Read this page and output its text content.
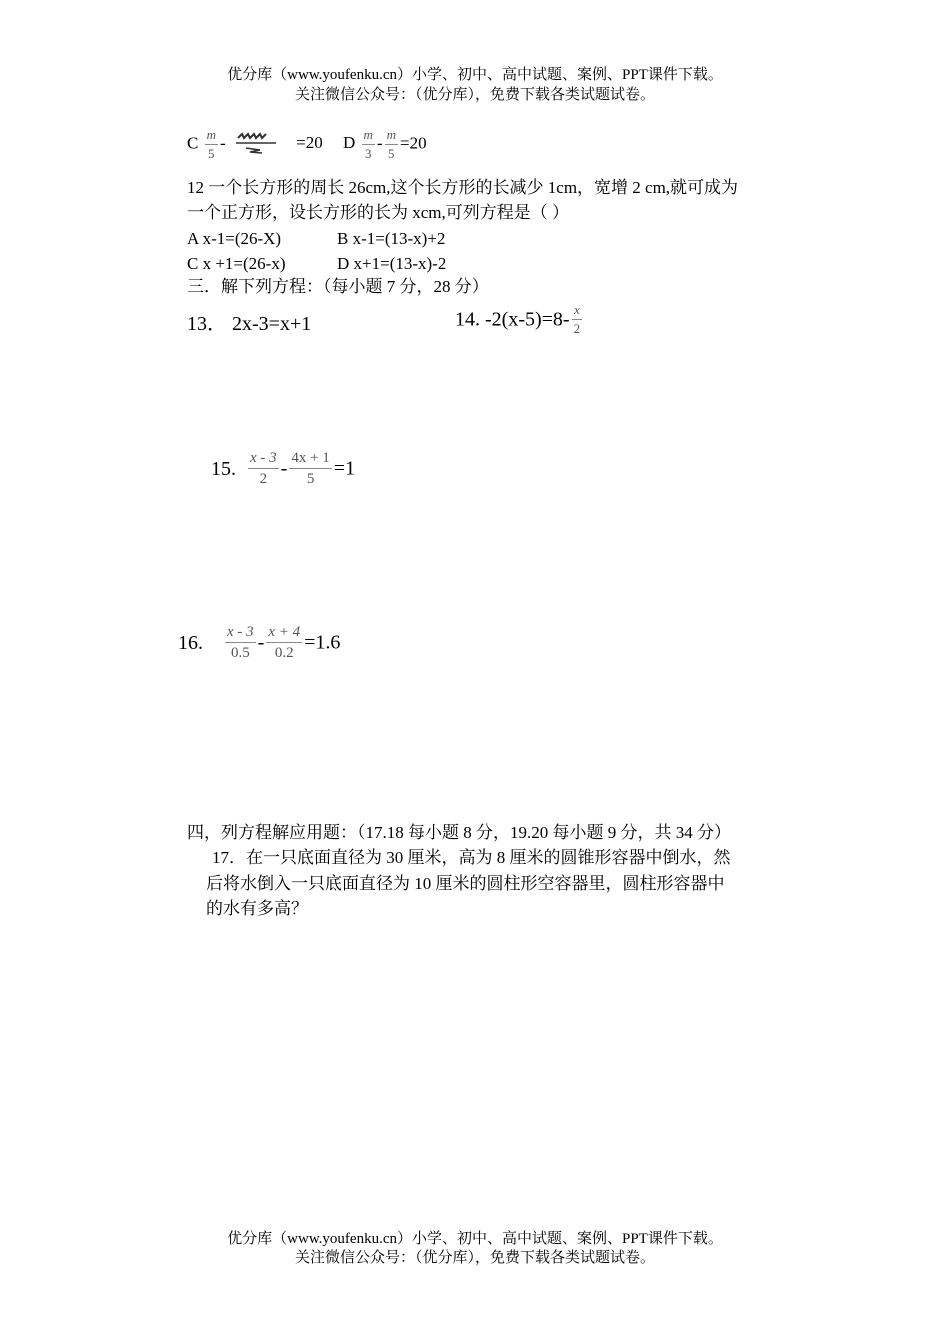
优分库（www.youfenku.cn）小学、初中、高中试题、案例、PPT课件下载。
关注微信公众号：（优分库），免费下载各类试题试卷。
C $\frac{m}{5}$ -	=20 D $\frac{m}{3} - \frac{m}{5} =20$
12 一个长方形的周长 26cm,这个长方形的长减少 1cm，宽增 2 cm,就可成为
一个正方形，设长方形的长为 xcm,可列方程是（ ）
A x-1=(26-X)	B x-1=(13-x)+2
C x +1=(26-x)	D x+1=(13-x)-2
三．解下列方程：（每小题 7 分，28 分）
13． 2x-3=x+1	14. $-2(x-5)=8- \frac{x}{2}$
15. $\frac{x - 3}{2} - \frac{4x + 1}{5} =1$
16. $\frac{x - 3}{0.5} - \frac{x + 4}{0.2} =1.6$
四，列方程解应用题：（17.18 每小题 8 分，19.20 每小题 9 分，共 34 分）
17．在一只底面直径为 30 厘米，高为 8 厘米的圆锥形容器中倒水，然
后将水倒入一只底面直径为 10 厘米的圆柱形空容器里，圆柱形容器中
的水有多高？
优分库（www.youfenku.cn）小学、初中、高中试题、案例、PPT课件下载。
关注微信公众号：（优分库），免费下载各类试题试卷。
